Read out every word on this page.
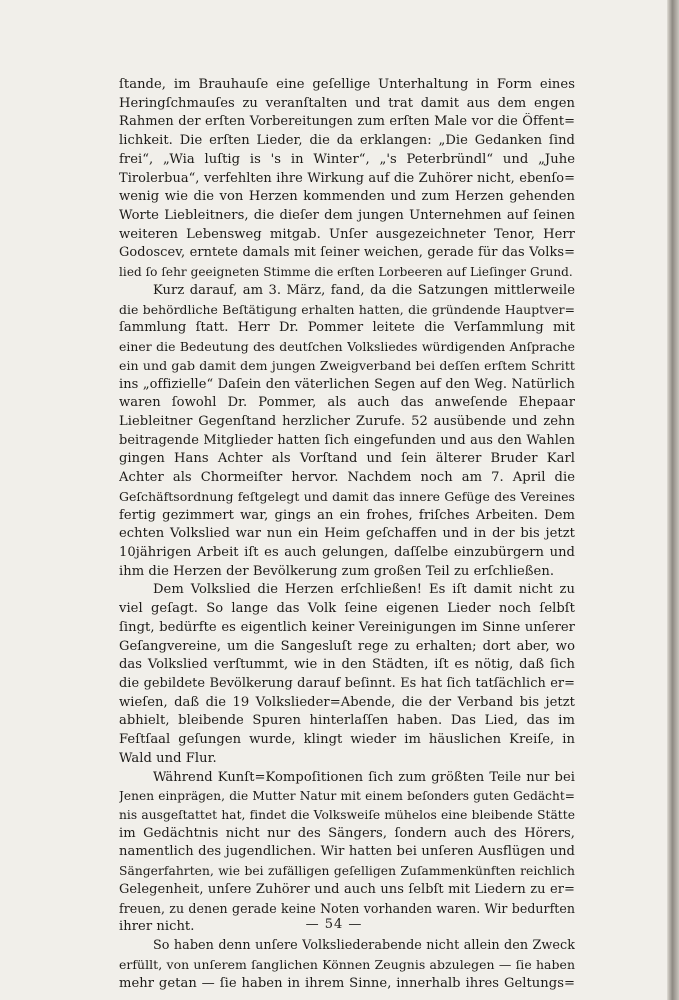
ſtande, im Brauhauſe eine geſellige Unterhaltung in Form eines
Heringſchmauſes zu veranſtalten und trat damit aus dem engen
Rahmen der erſten Vorbereitungen zum erſten Male vor die Öffent=
lichkeit. Die erſten Lieder, die da erklangen: „Die Gedanken ſind
frei“, „Wia luſtig is 's in Winter“, „'s Peterbründl“ und „Juhe
Tirolerbua“, verfehlten ihre Wirkung auf die Zuhörer nicht, ebenſo=
wenig wie die von Herzen kommenden und zum Herzen gehenden
Worte Liebleitners, die dieſer dem jungen Unternehmen auf ſeinen
weiteren Lebensweg mitgab. Unſer ausgezeichneter Tenor, Herr
Godoscev, erntete damals mit ſeiner weichen, gerade für das Volks=
lied ſo ſehr geeigneten Stimme die erſten Lorbeeren auf Lieſinger Grund.
Kurz darauf, am 3. März, fand, da die Satzungen mittlerweile
die behördliche Beſtätigung erhalten hatten, die gründende Hauptver=
ſammlung ſtatt. Herr Dr. Pommer leitete die Verſammlung mit
einer die Bedeutung des deutſchen Volksliedes würdigenden Anſprache
ein und gab damit dem jungen Zweigverband bei deſſen erſtem Schritt
ins „offizielle“ Daſein den väterlichen Segen auf den Weg. Natürlich
waren ſowohl Dr. Pommer, als auch das anweſende Ehepaar
Liebleitner Gegenſtand herzlicher Zurufe. 52 ausübende und zehn
beitragende Mitglieder hatten ſich eingefunden und aus den Wahlen
gingen Hans Achter als Vorſtand und ſein älterer Bruder Karl
Achter als Chormeiſter hervor. Nachdem noch am 7. April die
Geſchäftsordnung feſtgelegt und damit das innere Gefüge des Vereines
fertig gezimmert war, gings an ein frohes, friſches Arbeiten. Dem
echten Volkslied war nun ein Heim geſchaffen und in der bis jetzt
10jährigen Arbeit iſt es auch gelungen, daſſelbe einzubürgern und
ihm die Herzen der Bevölkerung zum großen Teil zu erſchließen.
Dem Volkslied die Herzen erſchließen! Es iſt damit nicht zu
viel geſagt. So lange das Volk ſeine eigenen Lieder noch ſelbſt
ſingt, bedürfte es eigentlich keiner Vereinigungen im Sinne unſerer
Geſangvereine, um die Sangesluſt rege zu erhalten; dort aber, wo
das Volkslied verſtummt, wie in den Städten, iſt es nötig, daß ſich
die gebildete Bevölkerung darauf beſinnt. Es hat ſich tatſächlich er=
wieſen, daß die 19 Volkslieder=Abende, die der Verband bis jetzt
abhielt, bleibende Spuren hinterlaſſen haben. Das Lied, das im
Feſtſaal geſungen wurde, klingt wieder im häuslichen Kreiſe, in
Wald und Flur.
Während Kunſt=Kompoſitionen ſich zum größten Teile nur bei
Jenen einprägen, die Mutter Natur mit einem beſonders guten Gedächt=
nis ausgeſtattet hat, findet die Volksweiſe mühelos eine bleibende Stätte
im Gedächtnis nicht nur des Sängers, ſondern auch des Hörers,
namentlich des jugendlichen. Wir hatten bei unſeren Ausflügen und
Sängerfahrten, wie bei zufälligen geſelligen Zuſammenkünften reichlich
Gelegenheit, unſere Zuhörer und auch uns ſelbſt mit Liedern zu er=
freuen, zu denen gerade keine Noten vorhanden waren. Wir bedurften
ihrer nicht.
So haben denn unſere Volksliederabende nicht allein den Zweck
erfüllt, von unſerem ſanglichen Können Zeugnis abzulegen — ſie haben
mehr getan — ſie haben in ihrem Sinne, innerhalb ihres Geltungs=
— 54 —
